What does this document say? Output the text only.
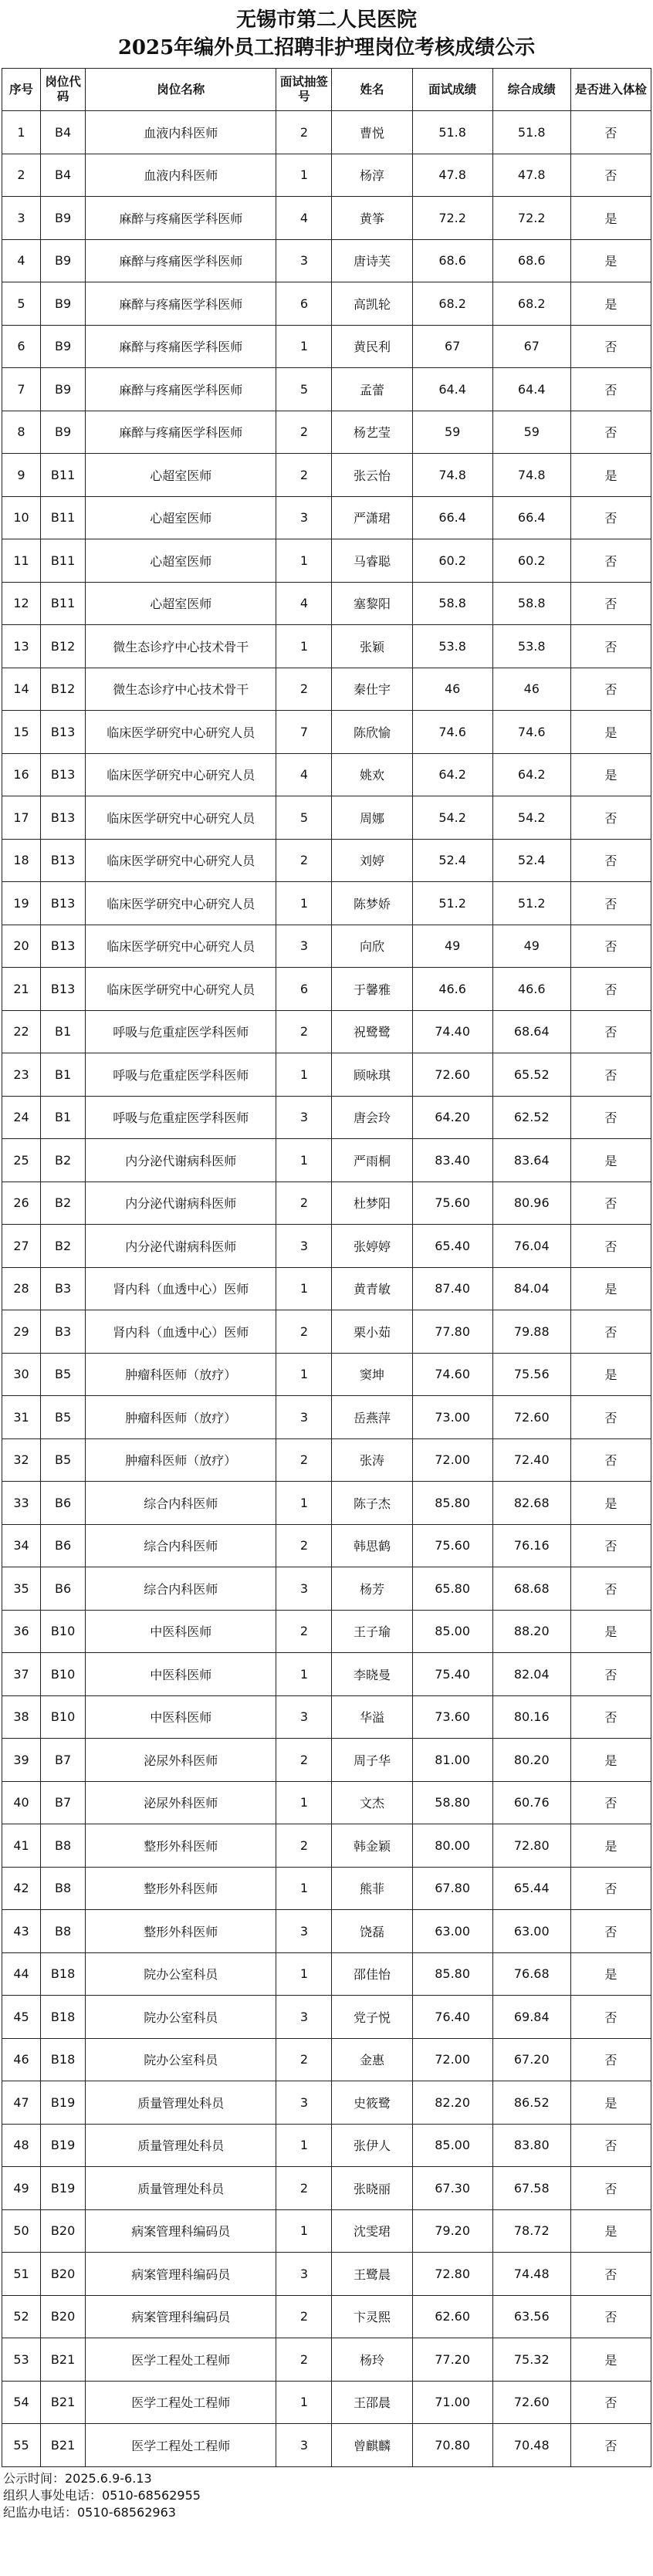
无锡市第二人民医院
2025年编外员工招聘非护理岗位考核成绩公示
序号	岗位代码	岗位名称	面试抽签号	姓名	面试成绩	综合成绩	是否进入体检
1	B4	血液内科医师	2	曹悦	51.8	51.8	否
2	B4	血液内科医师	1	杨淳	47.8	47.8	否
3	B9	麻醉与疼痛医学科医师	4	黄筝	72.2	72.2	是
4	B9	麻醉与疼痛医学科医师	3	唐诗芙	68.6	68.6	是
5	B9	麻醉与疼痛医学科医师	6	高凯轮	68.2	68.2	是
6	B9	麻醉与疼痛医学科医师	1	黄民利	67	67	否
7	B9	麻醉与疼痛医学科医师	5	孟蕾	64.4	64.4	否
8	B9	麻醉与疼痛医学科医师	2	杨艺莹	59	59	否
9	B11	心超室医师	2	张云怡	74.8	74.8	是
10	B11	心超室医师	3	严潇珺	66.4	66.4	否
11	B11	心超室医师	1	马睿聪	60.2	60.2	否
12	B11	心超室医师	4	塞黎阳	58.8	58.8	否
13	B12	微生态诊疗中心技术骨干	1	张颖	53.8	53.8	否
14	B12	微生态诊疗中心技术骨干	2	秦仕宇	46	46	否
15	B13	临床医学研究中心研究人员	7	陈欣愉	74.6	74.6	是
16	B13	临床医学研究中心研究人员	4	姚欢	64.2	64.2	是
17	B13	临床医学研究中心研究人员	5	周娜	54.2	54.2	否
18	B13	临床医学研究中心研究人员	2	刘婷	52.4	52.4	否
19	B13	临床医学研究中心研究人员	1	陈梦娇	51.2	51.2	否
20	B13	临床医学研究中心研究人员	3	向欣	49	49	否
21	B13	临床医学研究中心研究人员	6	于馨雅	46.6	46.6	否
22	B1	呼吸与危重症医学科医师	2	祝鹭鹭	74.40	68.64	否
23	B1	呼吸与危重症医学科医师	1	顾咏琪	72.60	65.52	否
24	B1	呼吸与危重症医学科医师	3	唐会玲	64.20	62.52	否
25	B2	内分泌代谢病科医师	1	严雨桐	83.40	83.64	是
26	B2	内分泌代谢病科医师	2	杜梦阳	75.60	80.96	否
27	B2	内分泌代谢病科医师	3	张婷婷	65.40	76.04	否
28	B3	肾内科（血透中心）医师	1	黄青敏	87.40	84.04	是
29	B3	肾内科（血透中心）医师	2	栗小茹	77.80	79.88	否
30	B5	肿瘤科医师（放疗）	1	窦坤	74.60	75.56	是
31	B5	肿瘤科医师（放疗）	3	岳燕萍	73.00	72.60	否
32	B5	肿瘤科医师（放疗）	2	张涛	72.00	72.40	否
33	B6	综合内科医师	1	陈子杰	85.80	82.68	是
34	B6	综合内科医师	2	韩思鹤	75.60	76.16	否
35	B6	综合内科医师	3	杨芳	65.80	68.68	否
36	B10	中医科医师	2	王子瑜	85.00	88.20	是
37	B10	中医科医师	1	李晓曼	75.40	82.04	否
38	B10	中医科医师	3	华溢	73.60	80.16	否
39	B7	泌尿外科医师	2	周子华	81.00	80.20	是
40	B7	泌尿外科医师	1	文杰	58.80	60.76	否
41	B8	整形外科医师	2	韩金颖	80.00	72.80	是
42	B8	整形外科医师	1	熊菲	67.80	65.44	否
43	B8	整形外科医师	3	饶磊	63.00	63.00	否
44	B18	院办公室科员	1	邵佳怡	85.80	76.68	是
45	B18	院办公室科员	3	党子悦	76.40	69.84	否
46	B18	院办公室科员	2	金惠	72.00	67.20	否
47	B19	质量管理处科员	3	史筱鹭	82.20	86.52	是
48	B19	质量管理处科员	1	张伊人	85.00	83.80	否
49	B19	质量管理处科员	2	张晓丽	67.30	67.58	否
50	B20	病案管理科编码员	1	沈雯珺	79.20	78.72	是
51	B20	病案管理科编码员	3	王鹭晨	72.80	74.48	否
52	B20	病案管理科编码员	2	卞灵熙	62.60	63.56	否
53	B21	医学工程处工程师	2	杨玲	77.20	75.32	是
54	B21	医学工程处工程师	1	王邵晨	71.00	72.60	否
55	B21	医学工程处工程师	3	曾麒麟	70.80	70.48	否
公示时间：2025.6.9-6.13
组织人事处电话：0510-68562955
纪监办电话：0510-68562963
